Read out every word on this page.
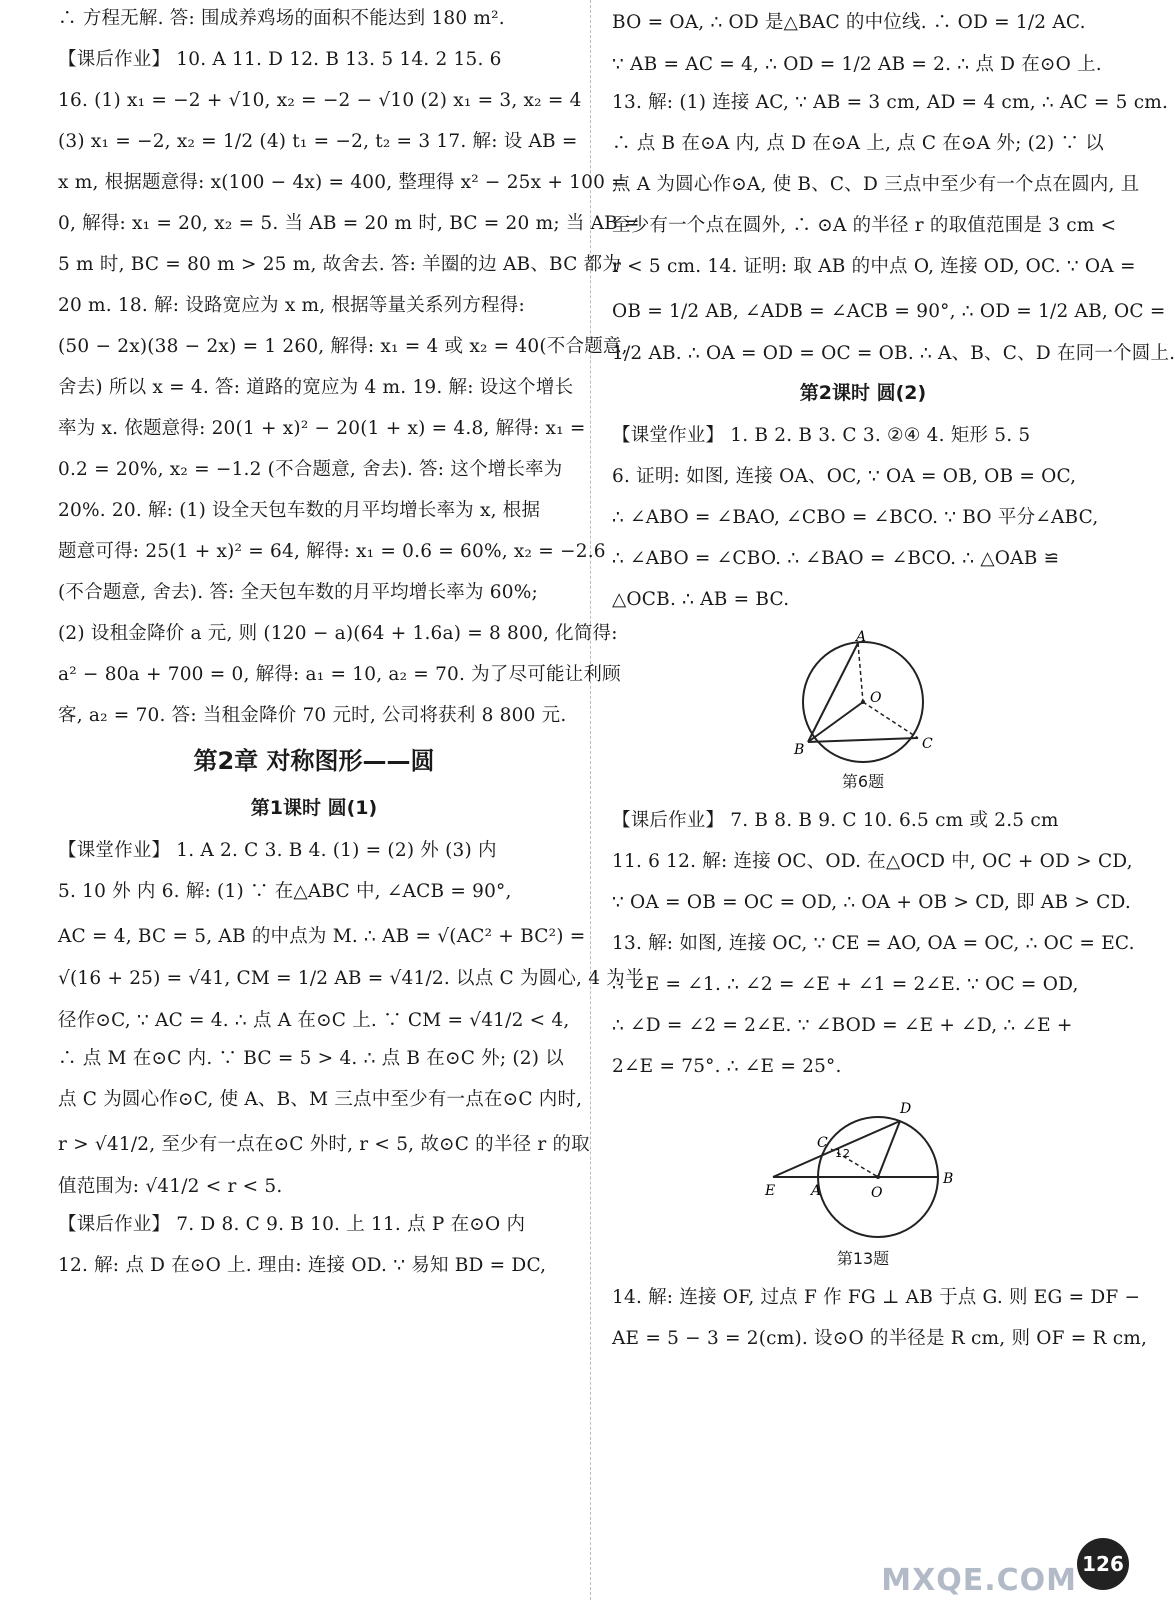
∴ 方程无解. 答: 围成养鸡场的面积不能达到 180 m².
【课后作业】 10. A 11. D 12. B 13. 5 14. 2 15. 6
16. (1) x₁ = −2 + √10, x₂ = −2 − √10 (2) x₁ = 3, x₂ = 4
(3) x₁ = −2, x₂ = 1/2 (4) t₁ = −2, t₂ = 3 17. 解: 设 AB =
x m, 根据题意得: x(100 − 4x) = 400, 整理得 x² − 25x + 100 =
0, 解得: x₁ = 20, x₂ = 5. 当 AB = 20 m 时, BC = 20 m; 当 AB =
5 m 时, BC = 80 m > 25 m, 故舍去. 答: 羊圈的边 AB、BC 都为
20 m. 18. 解: 设路宽应为 x m, 根据等量关系列方程得:
(50 − 2x)(38 − 2x) = 1 260, 解得: x₁ = 4 或 x₂ = 40(不合题意,
舍去) 所以 x = 4. 答: 道路的宽应为 4 m. 19. 解: 设这个增长
率为 x. 依题意得: 20(1 + x)² − 20(1 + x) = 4.8, 解得: x₁ =
0.2 = 20%, x₂ = −1.2 (不合题意, 舍去). 答: 这个增长率为
20%. 20. 解: (1) 设全天包车数的月平均增长率为 x, 根据
题意可得: 25(1 + x)² = 64, 解得: x₁ = 0.6 = 60%, x₂ = −2.6
(不合题意, 舍去). 答: 全天包车数的月平均增长率为 60%;
(2) 设租金降价 a 元, 则 (120 − a)(64 + 1.6a) = 8 800, 化简得:
a² − 80a + 700 = 0, 解得: a₁ = 10, a₂ = 70. 为了尽可能让利顾
客, a₂ = 70. 答: 当租金降价 70 元时, 公司将获利 8 800 元.
第2章 对称图形——圆
第1课时 圆(1)
【课堂作业】 1. A 2. C 3. B 4. (1) = (2) 外 (3) 内
5. 10 外 内 6. 解: (1) ∵ 在△ABC 中, ∠ACB = 90°,
AC = 4, BC = 5, AB 的中点为 M. ∴ AB = √(AC² + BC²) =
√(16 + 25) = √41, CM = 1/2 AB = √41/2. 以点 C 为圆心, 4 为半
径作⊙C, ∵ AC = 4. ∴ 点 A 在⊙C 上. ∵ CM = √41/2 < 4,
∴ 点 M 在⊙C 内. ∵ BC = 5 > 4. ∴ 点 B 在⊙C 外; (2) 以
点 C 为圆心作⊙C, 使 A、B、M 三点中至少有一点在⊙C 内时,
r > √41/2, 至少有一点在⊙C 外时, r < 5, 故⊙C 的半径 r 的取
值范围为: √41/2 < r < 5.
【课后作业】 7. D 8. C 9. B 10. 上 11. 点 P 在⊙O 内
12. 解: 点 D 在⊙O 上. 理由: 连接 OD. ∵ 易知 BD = DC,
BO = OA, ∴ OD 是△BAC 的中位线. ∴ OD = 1/2 AC.
∵ AB = AC = 4, ∴ OD = 1/2 AB = 2. ∴ 点 D 在⊙O 上.
13. 解: (1) 连接 AC, ∵ AB = 3 cm, AD = 4 cm, ∴ AC = 5 cm.
∴ 点 B 在⊙A 内, 点 D 在⊙A 上, 点 C 在⊙A 外; (2) ∵ 以
点 A 为圆心作⊙A, 使 B、C、D 三点中至少有一个点在圆内, 且
至少有一个点在圆外, ∴ ⊙A 的半径 r 的取值范围是 3 cm <
r < 5 cm. 14. 证明: 取 AB 的中点 O, 连接 OD, OC. ∵ OA =
OB = 1/2 AB, ∠ADB = ∠ACB = 90°, ∴ OD = 1/2 AB, OC =
1/2 AB. ∴ OA = OD = OC = OB. ∴ A、B、C、D 在同一个圆上.
第2课时 圆(2)
【课堂作业】 1. B 2. B 3. C 3. ②④ 4. 矩形 5. 5
6. 证明: 如图, 连接 OA、OC, ∵ OA = OB, OB = OC,
∴ ∠ABO = ∠BAO, ∠CBO = ∠BCO. ∵ BO 平分∠ABC,
∴ ∠ABO = ∠CBO. ∴ ∠BAO = ∠BCO. ∴ △OAB ≌
△OCB. ∴ AB = BC.
A
O
B	C
第6题
【课后作业】 7. B 8. B 9. C 10. 6.5 cm 或 2.5 cm
11. 6 12. 解: 连接 OC、OD. 在△OCD 中, OC + OD > CD,
∵ OA = OB = OC = OD, ∴ OA + OB > CD, 即 AB > CD.
13. 解: 如图, 连接 OC, ∵ CE = AO, OA = OC, ∴ OC = EC.
∴ ∠E = ∠1. ∴ ∠2 = ∠E + ∠1 = 2∠E. ∵ OC = OD,
∴ ∠D = ∠2 = 2∠E. ∵ ∠BOD = ∠E + ∠D, ∴ ∠E +
2∠E = 75°. ∴ ∠E = 25°.
D
C
1 2
E	A	O
B
第13题
14. 解: 连接 OF, 过点 F 作 FG ⊥ AB 于点 G. 则 EG = DF −
AE = 5 − 3 = 2(cm). 设⊙O 的半径是 R cm, 则 OF = R cm,
MXQE.COM 126
